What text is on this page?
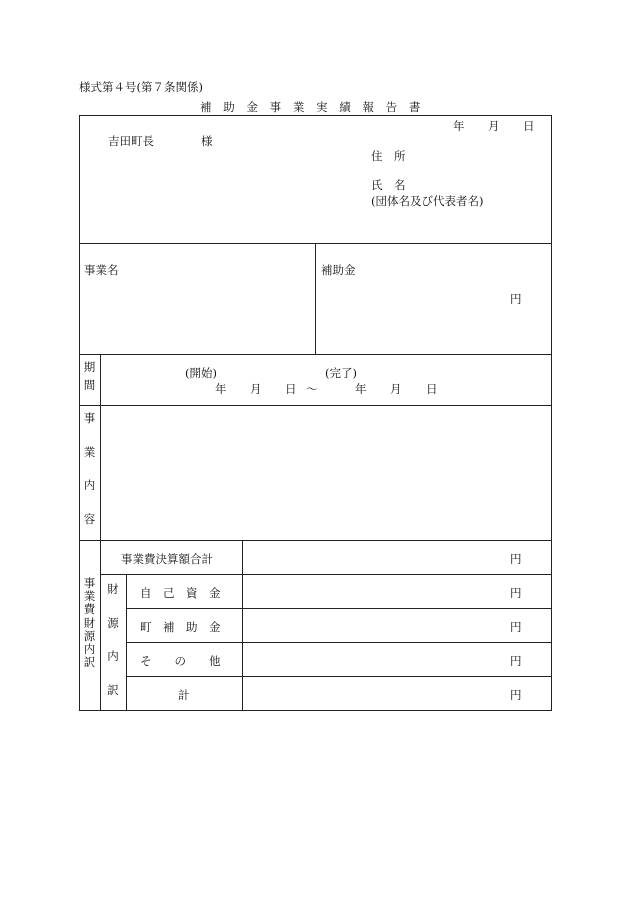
様式第４号(第７条関係)
補 助 金 事 業 実 績 報 告 書
年 月 日
吉田町長	様
住　所
氏　名
(団体名及び代表者名)
事業名	補助金
円
期
間
(開始)	(完了)
年 月 日 〜	年 月 日
事
業
内
容
事
業
費
財
源
内
訳
事業費決算額合計	円
財
源
内
訳
自　己　資　金	円
町　補　助　金	円
そ　　の　　他	円
計	円
